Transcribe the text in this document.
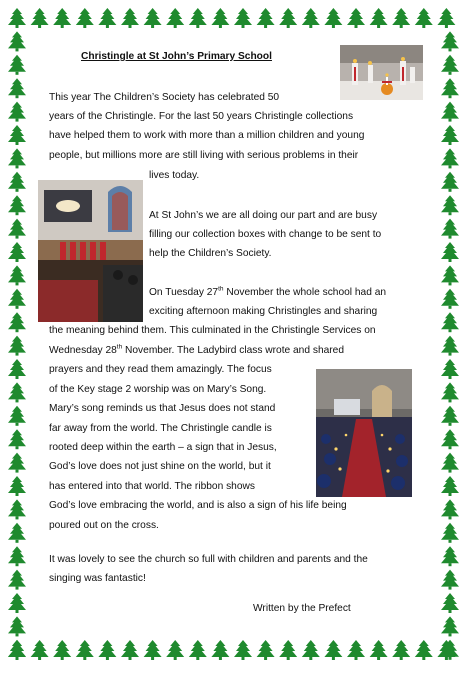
Christingle at St John’s Primary School
This year The Children’s Society has celebrated 50
years of the Christingle. For the last 50 years Christingle collections
have helped them to work with more than a million children and young
people, but millions more are still living with serious problems in their
lives today.
At St John’s we are all doing our part and are busy
filling our collection boxes with change to be sent to
help the Children’s Society.
On Tuesday 27th November the whole school had an
exciting afternoon making Christingles and sharing
the meaning behind them. This culminated in the Christingle Services on
Wednesday 28th November. The Ladybird class wrote and shared
prayers and they read them amazingly. The focus
of the Key stage 2 worship was on Mary’s Song.
Mary’s song reminds us that Jesus does not stand
far away from the world. The Christingle candle is
rooted deep within the earth – a sign that in Jesus,
God’s love does not just shine on the world, but it
has entered into that world. The ribbon shows
God’s love embracing the world, and is also a sign of his life being
poured out on the cross.
It was lovely to see the church so full with children and parents and the
singing was fantastic!
Written by the Prefect
